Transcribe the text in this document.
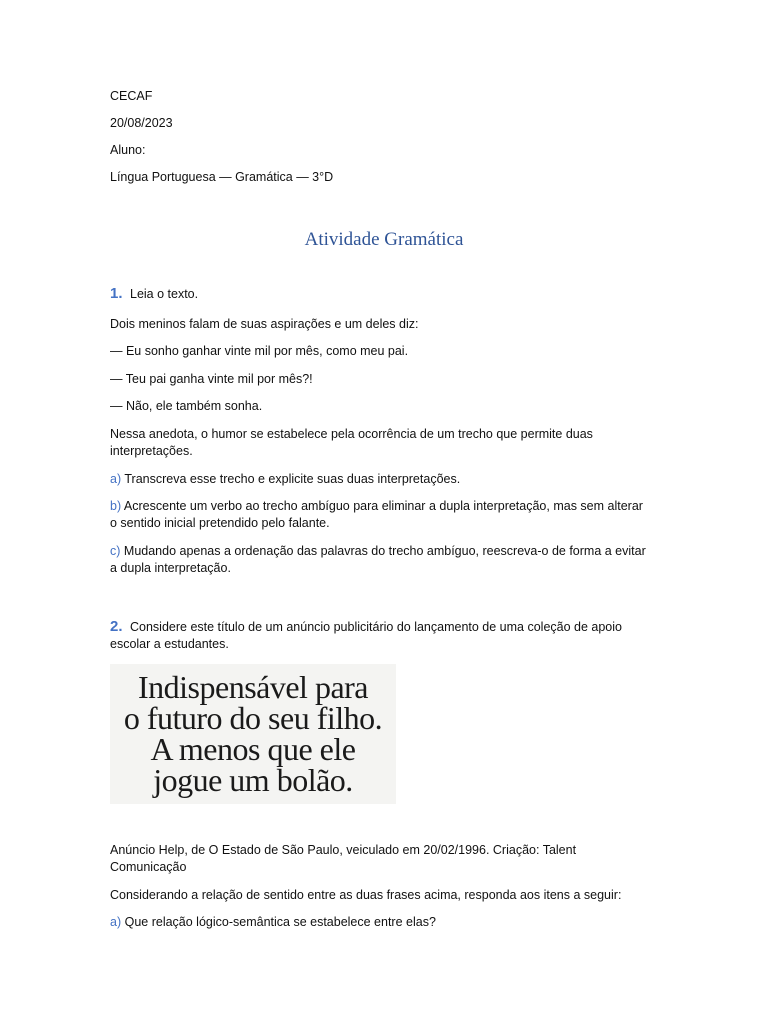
CECAF
20/08/2023
Aluno:
Língua Portuguesa — Gramática — 3°D
Atividade Gramática
1. Leia o texto.
Dois meninos falam de suas aspirações e um deles diz:
— Eu sonho ganhar vinte mil por mês, como meu pai.
— Teu pai ganha vinte mil por mês?!
— Não, ele também sonha.
Nessa anedota, o humor se estabelece pela ocorrência de um trecho que permite duas interpretações.
a) Transcreva esse trecho e explicite suas duas interpretações.
b) Acrescente um verbo ao trecho ambíguo para eliminar a dupla interpretação, mas sem alterar o sentido inicial pretendido pelo falante.
c) Mudando apenas a ordenação das palavras do trecho ambíguo, reescreva-o de forma a evitar a dupla interpretação.
2. Considere este título de um anúncio publicitário do lançamento de uma coleção de apoio escolar a estudantes.
Indispensável para
o futuro do seu filho.
A menos que ele
jogue um bolão.
Anúncio Help, de O Estado de São Paulo, veiculado em 20/02/1996. Criação: Talent Comunicação
Considerando a relação de sentido entre as duas frases acima, responda aos itens a seguir:
a) Que relação lógico-semântica se estabelece entre elas?
